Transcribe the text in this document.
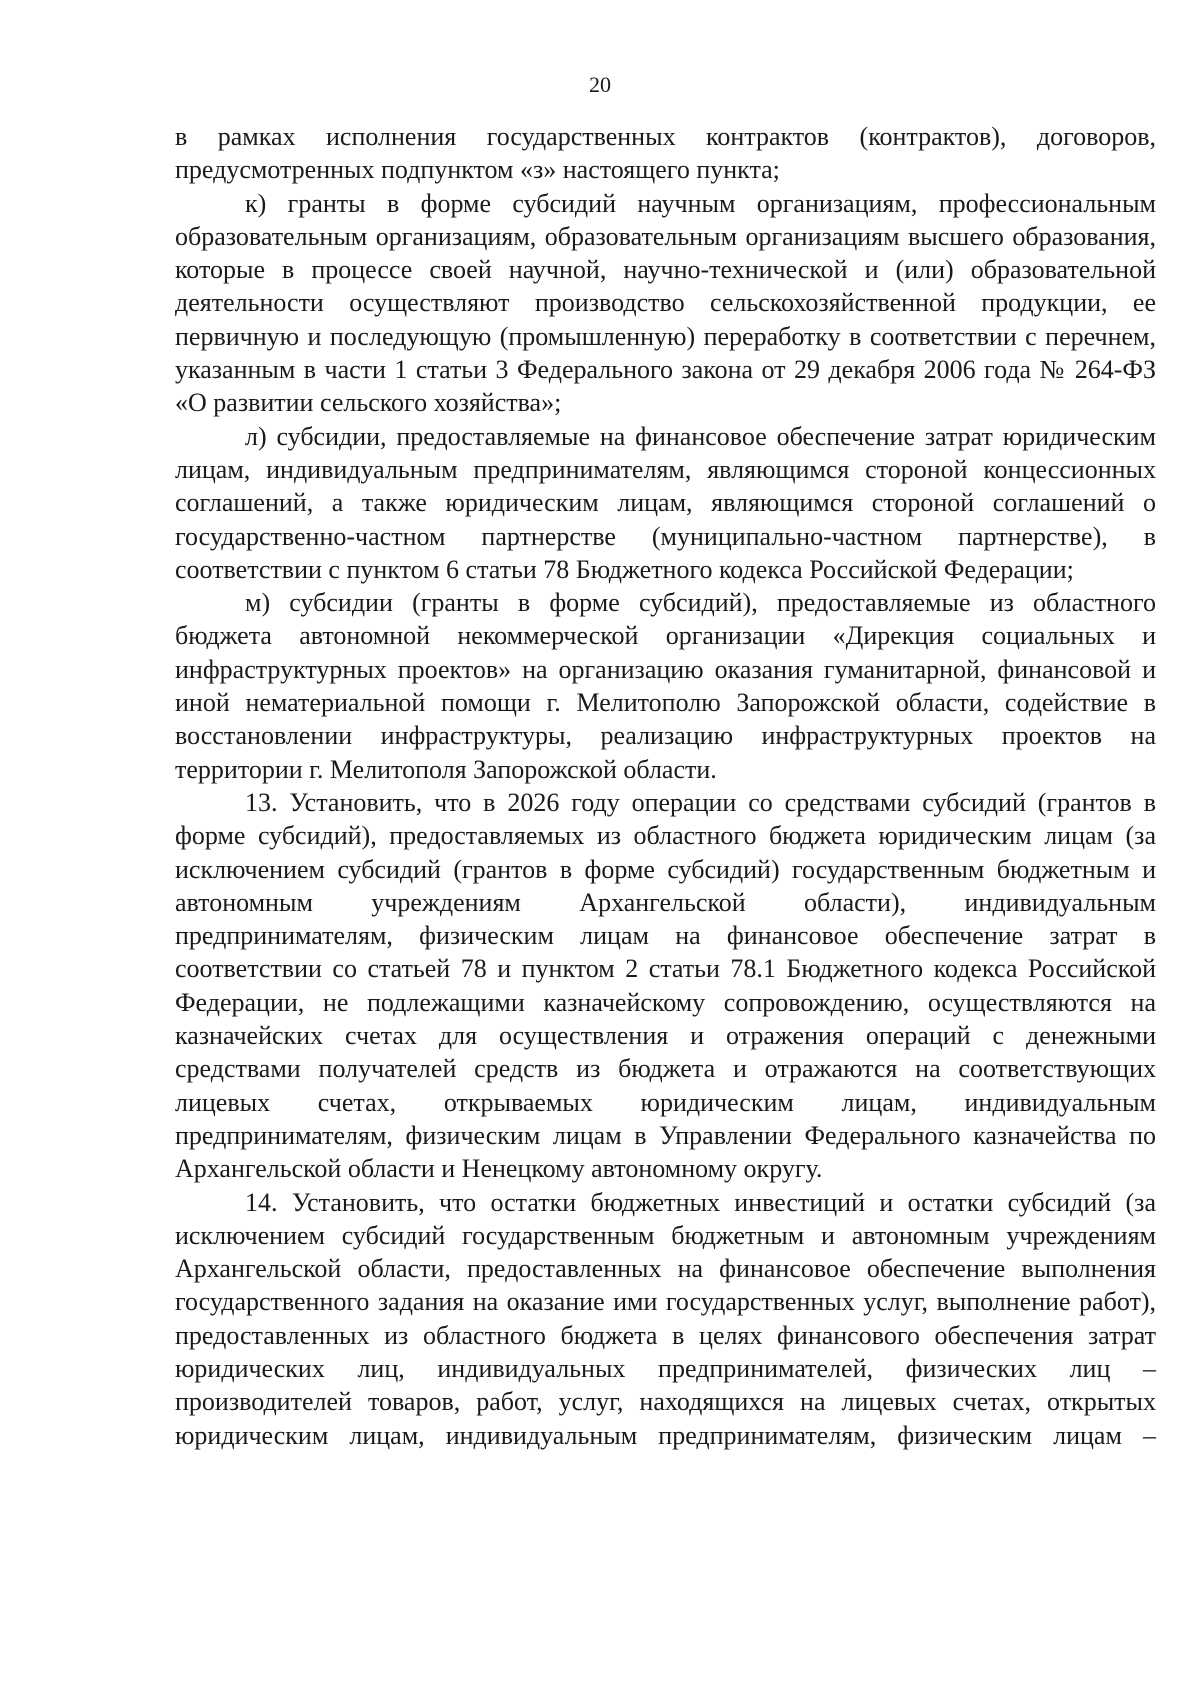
20

в рамках исполнения государственных контрактов (контрактов), договоров, предусмотренных подпунктом «з» настоящего пункта;

к) гранты в форме субсидий научным организациям, профессиональным образовательным организациям, образовательным организациям высшего образования, которые в процессе своей научной, научно-технической и (или) образовательной деятельности осуществляют производство сельскохозяйственной продукции, ее первичную и последующую (промышленную) переработку в соответствии с перечнем, указанным в части 1 статьи 3 Федерального закона от 29 декабря 2006 года № 264-ФЗ «О развитии сельского хозяйства»;

л) субсидии, предоставляемые на финансовое обеспечение затрат юридическим лицам, индивидуальным предпринимателям, являющимся стороной концессионных соглашений, а также юридическим лицам, являющимся стороной соглашений о государственно-частном партнерстве (муниципально-частном партнерстве), в соответствии с пунктом 6 статьи 78 Бюджетного кодекса Российской Федерации;

м) субсидии (гранты в форме субсидий), предоставляемые из областного бюджета автономной некоммерческой организации «Дирекция социальных и инфраструктурных проектов» на организацию оказания гуманитарной, финансовой и иной нематериальной помощи г. Мелитополю Запорожской области, содействие в восстановлении инфраструктуры, реализацию инфраструктурных проектов на территории г. Мелитополя Запорожской области.

13. Установить, что в 2026 году операции со средствами субсидий (грантов в форме субсидий), предоставляемых из областного бюджета юридическим лицам (за исключением субсидий (грантов в форме субсидий) государственным бюджетным и автономным учреждениям Архангельской области), индивидуальным предпринимателям, физическим лицам на финансовое обеспечение затрат в соответствии со статьей 78 и пунктом 2 статьи 78.1 Бюджетного кодекса Российской Федерации, не подлежащими казначейскому сопровождению, осуществляются на казначейских счетах для осуществления и отражения операций с денежными средствами получателей средств из бюджета и отражаются на соответствующих лицевых счетах, открываемых юридическим лицам, индивидуальным предпринимателям, физическим лицам в Управлении Федерального казначейства по Архангельской области и Ненецкому автономному округу.

14. Установить, что остатки бюджетных инвестиций и остатки субсидий (за исключением субсидий государственным бюджетным и автономным учреждениям Архангельской области, предоставленных на финансовое обеспечение выполнения государственного задания на оказание ими государственных услуг, выполнение работ), предоставленных из областного бюджета в целях финансового обеспечения затрат юридических лиц, индивидуальных предпринимателей, физических лиц – производителей товаров, работ, услуг, находящихся на лицевых счетах, открытых юридическим лицам, индивидуальным предпринимателям, физическим лицам –
